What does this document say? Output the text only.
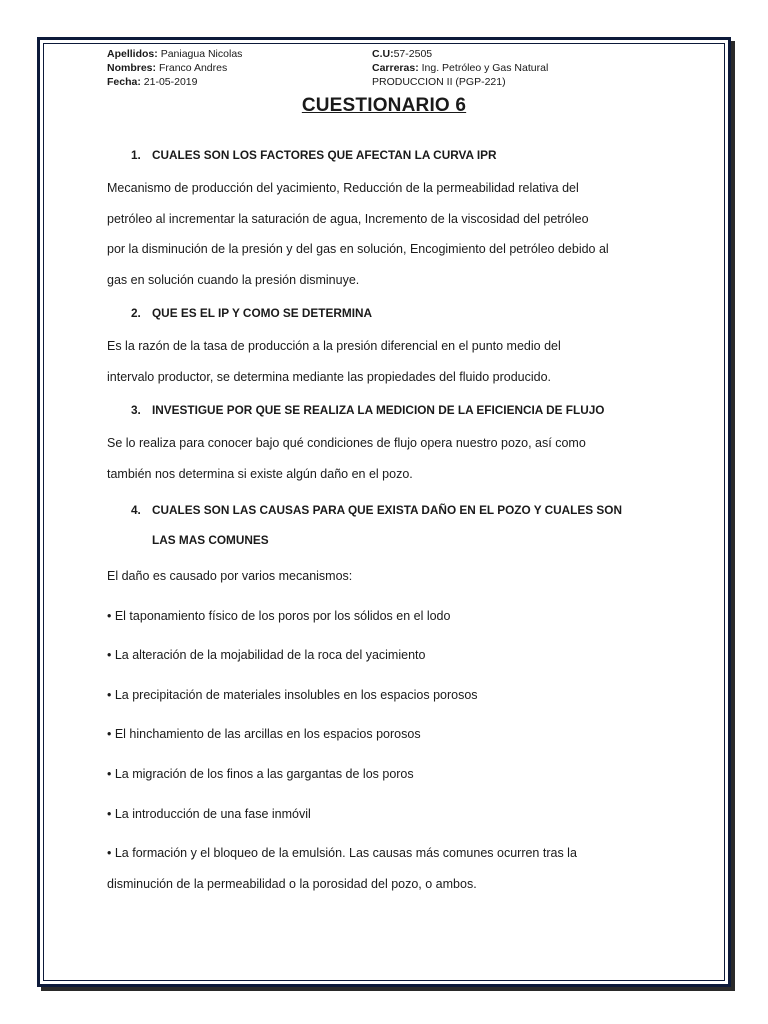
Apellidos: Paniagua Nicolas
Nombres: Franco Andres
Fecha: 21-05-2019
C.U:57-2505
Carreras: Ing. Petróleo y Gas Natural
PRODUCCION II (PGP-221)
CUESTIONARIO 6
1. CUALES SON LOS FACTORES QUE AFECTAN LA CURVA IPR

Mecanismo de producción del yacimiento, Reducción de la permeabilidad relativa del

petróleo al incrementar la saturación de agua, Incremento de la viscosidad del petróleo

por la disminución de la presión y del gas en solución, Encogimiento del petróleo debido al

gas en solución cuando la presión disminuye.

2. QUE ES EL IP Y COMO SE DETERMINA

Es la razón de la tasa de producción a la presión diferencial en el punto medio del

intervalo productor, se determina mediante las propiedades del fluido producido.

3. INVESTIGUE POR QUE SE REALIZA LA MEDICION DE LA EFICIENCIA DE FLUJO

Se lo realiza para conocer bajo qué condiciones de flujo opera nuestro pozo, así como

también nos determina si existe algún daño en el pozo.

4. CUALES SON LAS CAUSAS PARA QUE EXISTA DAÑO EN EL POZO Y CUALES SON
LAS MAS COMUNES

El daño es causado por varios mecanismos:

• El taponamiento físico de los poros por los sólidos en el lodo

• La alteración de la mojabilidad de la roca del yacimiento

• La precipitación de materiales insolubles en los espacios porosos

• El hinchamiento de las arcillas en los espacios porosos

• La migración de los finos a las gargantas de los poros

• La introducción de una fase inmóvil

• La formación y el bloqueo de la emulsión. Las causas más comunes ocurren tras la

disminución de la permeabilidad o la porosidad del pozo, o ambos.
